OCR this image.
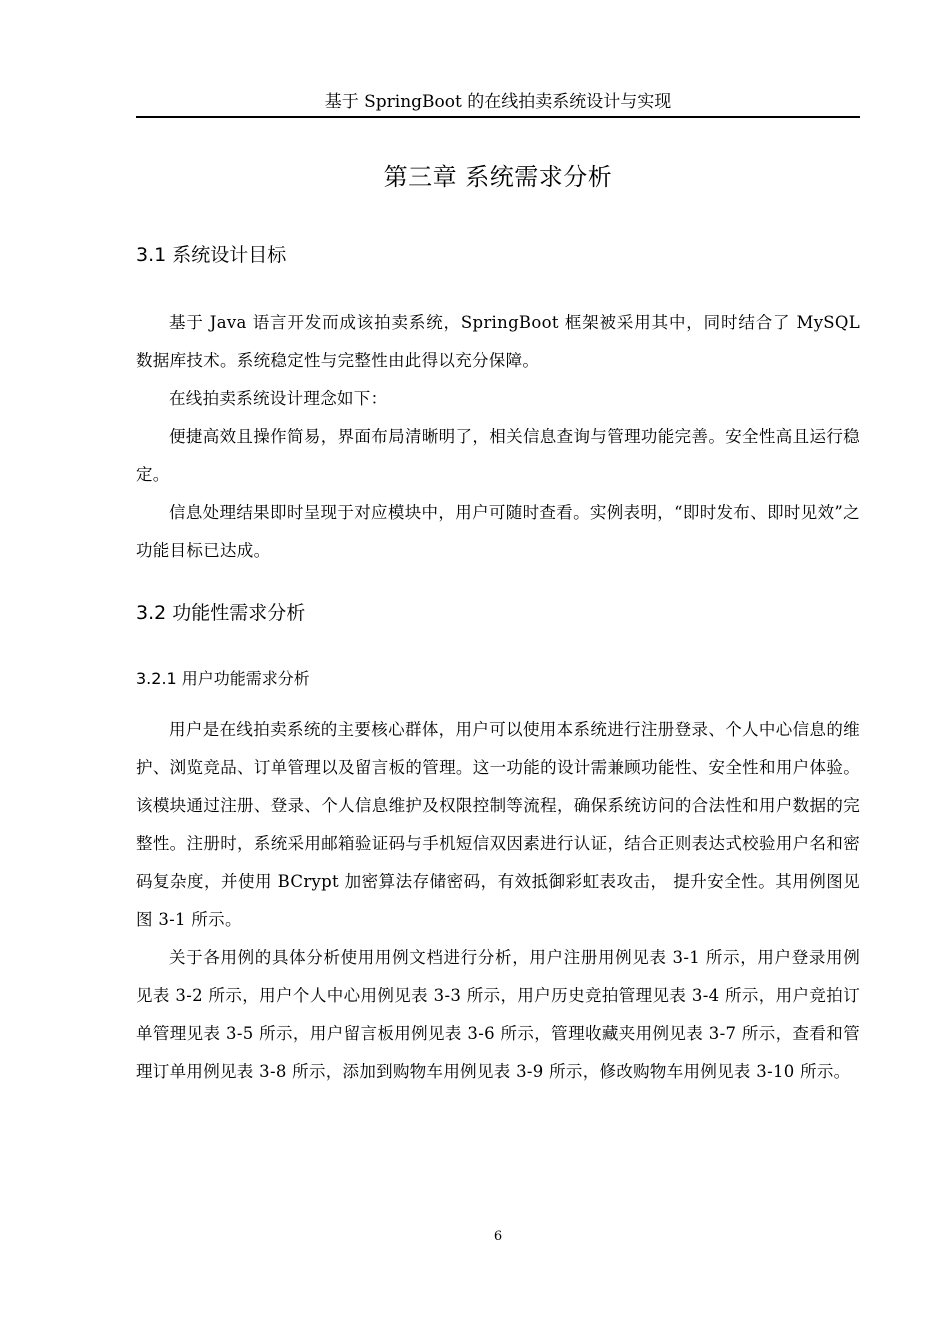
基于 SpringBoot 的在线拍卖系统设计与实现
第三章 系统需求分析
3.1 系统设计目标

基于 Java 语言开发而成该拍卖系统，SpringBoot 框架被采用其中，同时结合了 MySQL 数据库技术。系统稳定性与完整性由此得以充分保障。

在线拍卖系统设计理念如下：

便捷高效且操作简易，界面布局清晰明了，相关信息查询与管理功能完善。安全性高且运行稳定。

信息处理结果即时呈现于对应模块中，用户可随时查看。实例表明，“即时发布、即时见效”之功能目标已达成。

3.2 功能性需求分析
3.2.1 用户功能需求分析

用户是在线拍卖系统的主要核心群体，用户可以使用本系统进行注册登录、个人中心信息的维护、浏览竞品、订单管理以及留言板的管理。这一功能的设计需兼顾功能性、安全性和用户体验。该模块通过注册、登录、个人信息维护及权限控制等流程，确保系统访问的合法性和用户数据的完整性。注册时，系统采用邮箱验证码与手机短信双因素进行认证，结合正则表达式校验用户名和密码复杂度，并使用 BCrypt 加密算法存储密码，有效抵御彩虹表攻击， 提升安全性。其用例图见图 3-1 所示。

关于各用例的具体分析使用用例文档进行分析，用户注册用例见表 3-1 所示，用户登录用例见表 3-2 所示，用户个人中心用例见表 3-3 所示，用户历史竞拍管理见表 3-4 所示，用户竞拍订单管理见表 3-5 所示，用户留言板用例见表 3-6 所示，管理收藏夹用例见表 3-7 所示，查看和管理订单用例见表 3-8 所示，添加到购物车用例见表 3-9 所示，修改购物车用例见表 3-10 所示。

6
